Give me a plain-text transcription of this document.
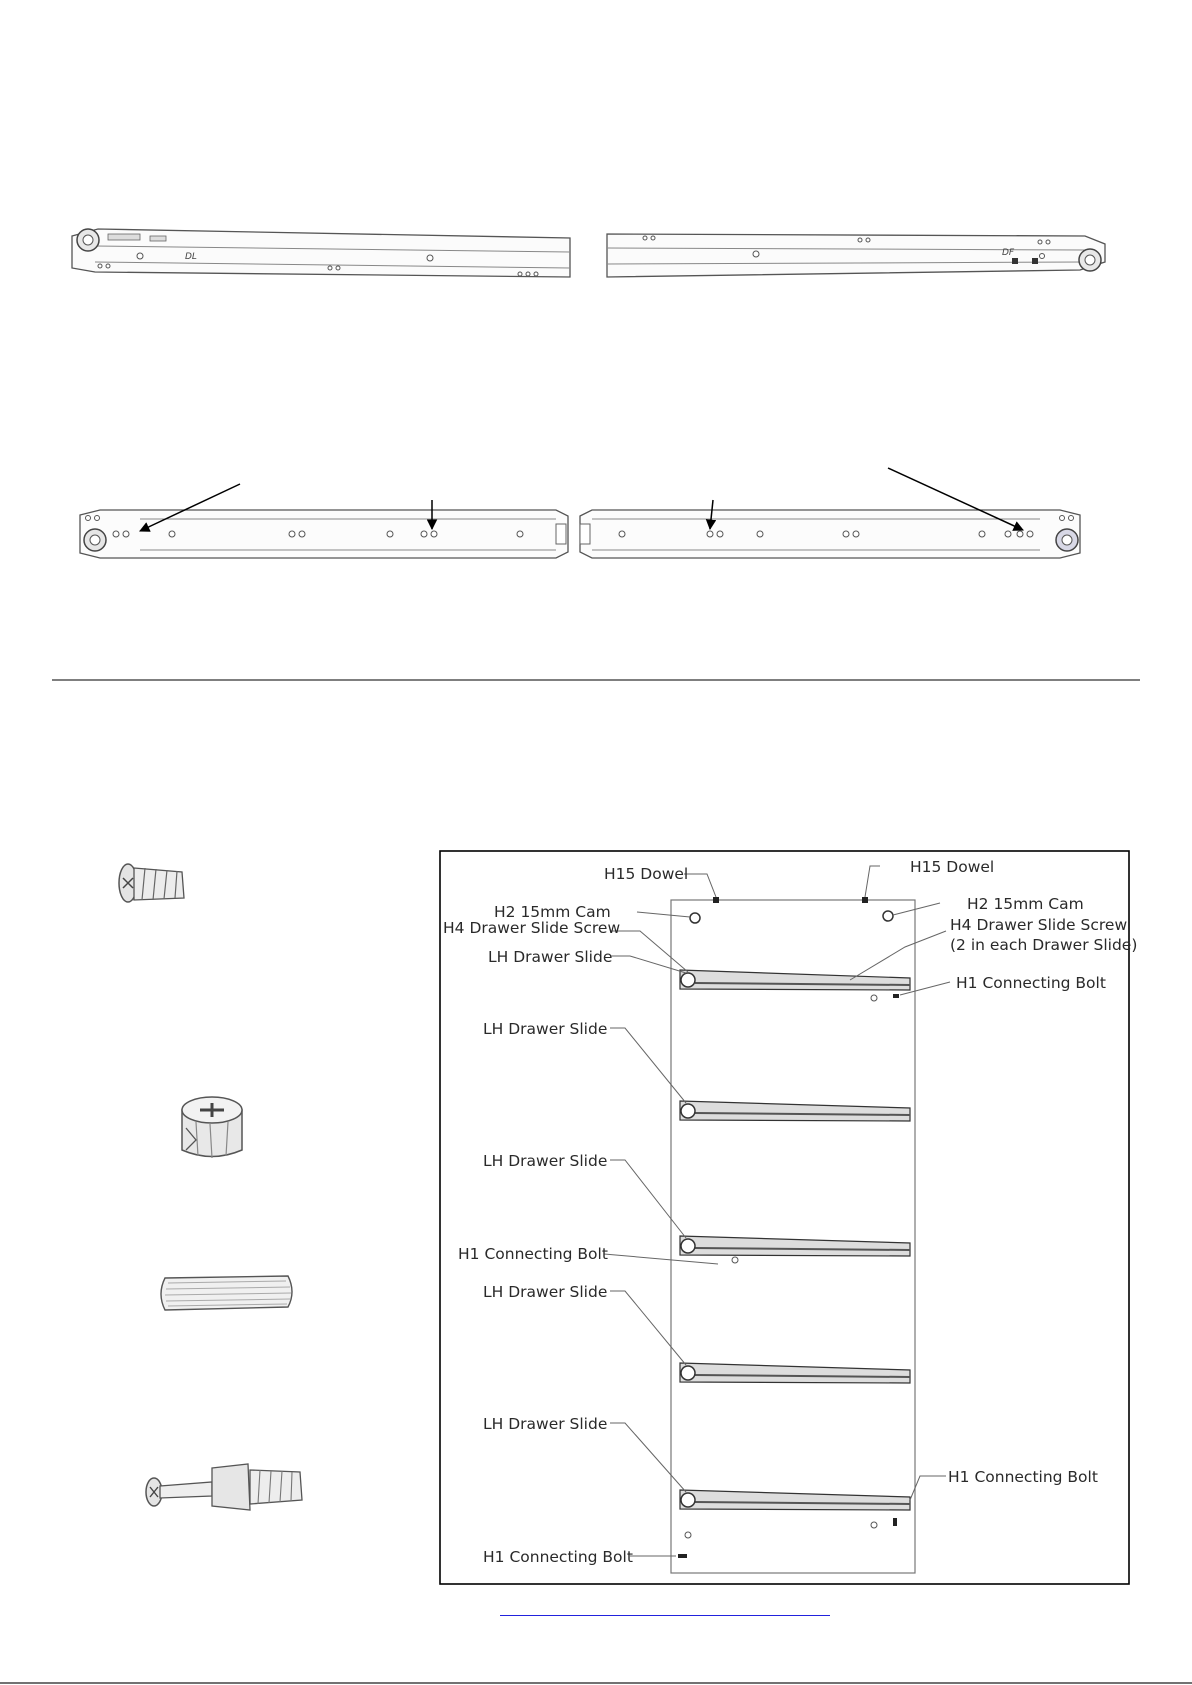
DL	DF
H15 Dowel	H15 Dowel
H2 15mm Cam	H2 15mm Cam
H4 Drawer Slide Screw	H4 Drawer Slide Screw
(2 in each Drawer Slide)
LH Drawer Slide
H1 Connecting Bolt
LH Drawer Slide
LH Drawer Slide
H1 Connecting Bolt
LH Drawer Slide
LH Drawer Slide
H1 Connecting Bolt
H1 Connecting Bolt
